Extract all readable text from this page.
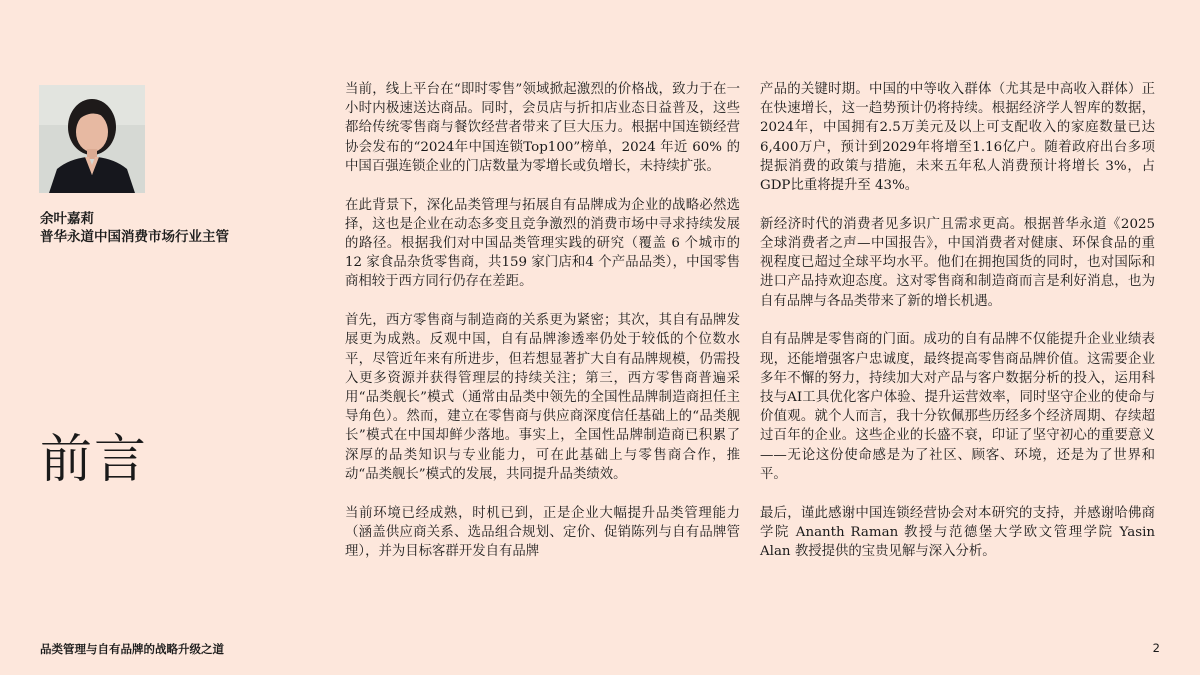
余叶嘉莉
普华永道中国消费市场行业主管
前言

当前，线上平台在“即时零售”领域掀起激烈的价格战，致力于在一小时内极速送达商品。同时，会员店与折扣店业态日益普及，这些都给传统零售商与餐饮经营者带来了巨大压力。根据中国连锁经营协会发布的“2024年中国连锁Top100”榜单，2024 年近 60% 的中国百强连锁企业的门店数量为零增长或负增长，未持续扩张。

在此背景下，深化品类管理与拓展自有品牌成为企业的战略必然选择，这也是企业在动态多变且竞争激烈的消费市场中寻求持续发展的路径。根据我们对中国品类管理实践的研究（覆盖 6 个城市的 12 家食品杂货零售商，共159 家门店和4 个产品品类），中国零售商相较于西方同行仍存在差距。

首先，西方零售商与制造商的关系更为紧密；其次，其自有品牌发展更为成熟。反观中国，自有品牌渗透率仍处于较低的个位数水平，尽管近年来有所进步，但若想显著扩大自有品牌规模，仍需投入更多资源并获得管理层的持续关注；第三，西方零售商普遍采用“品类舰长”模式（通常由品类中领先的全国性品牌制造商担任主导角色）。然而，建立在零售商与供应商深度信任基础上的“品类舰长”模式在中国却鲜少落地。事实上，全国性品牌制造商已积累了深厚的品类知识与专业能力，可在此基础上与零售商合作，推动“品类舰长”模式的发展，共同提升品类绩效。

当前环境已经成熟，时机已到，正是企业大幅提升品类管理能力（涵盖供应商关系、选品组合规划、定价、促销陈列与自有品牌管理），并为目标客群开发自有品牌

产品的关键时期。中国的中等收入群体（尤其是中高收入群体）正在快速增长，这一趋势预计仍将持续。根据经济学人智库的数据，2024年，中国拥有2.5万美元及以上可支配收入的家庭数量已达6,400万户，预计到2029年将增至1.16亿户。随着政府出台多项提振消费的政策与措施，未来五年私人消费预计将增长 3%，占GDP比重将提升至 43%。

新经济时代的消费者见多识广且需求更高。根据普华永道《2025 全球消费者之声—中国报告》，中国消费者对健康、环保食品的重视程度已超过全球平均水平。他们在拥抱国货的同时，也对国际和进口产品持欢迎态度。这对零售商和制造商而言是利好消息，也为自有品牌与各品类带来了新的增长机遇。

自有品牌是零售商的门面。成功的自有品牌不仅能提升企业业绩表现，还能增强客户忠诚度，最终提高零售商品牌价值。这需要企业多年不懈的努力，持续加大对产品与客户数据分析的投入，运用科技与AI工具优化客户体验、提升运营效率，同时坚守企业的使命与价值观。就个人而言，我十分钦佩那些历经多个经济周期、存续超过百年的企业。这些企业的长盛不衰，印证了坚守初心的重要意义——无论这份使命感是为了社区、顾客、环境，还是为了世界和平。

最后，谨此感谢中国连锁经营协会对本研究的支持，并感谢哈佛商学院 Ananth Raman 教授与范德堡大学欧文管理学院 Yasin Alan 教授提供的宝贵见解与深入分析。

品类管理与自有品牌的战略升级之道	2
